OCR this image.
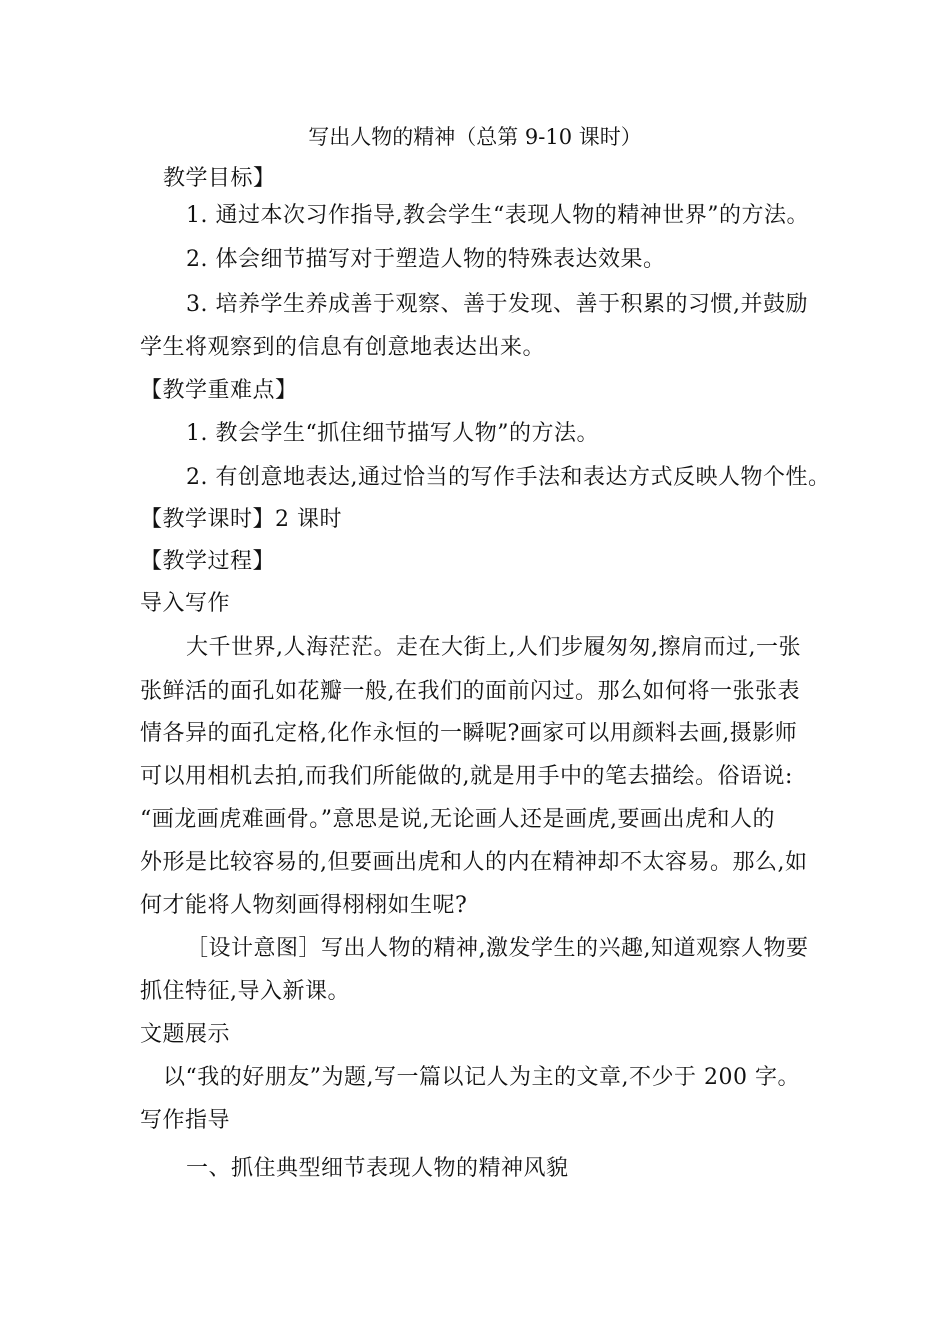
写出人物的精神（总第 9-10 课时）
教学目标】
1. 通过本次习作指导,教会学生“表现人物的精神世界”的方法。
2. 体会细节描写对于塑造人物的特殊表达效果。
3. 培养学生养成善于观察、善于发现、善于积累的习惯,并鼓励
学生将观察到的信息有创意地表达出来。
【教学重难点】
1. 教会学生“抓住细节描写人物”的方法。
2. 有创意地表达,通过恰当的写作手法和表达方式反映人物个性。
【教学课时】2 课时
【教学过程】
导入写作
大千世界,人海茫茫。走在大街上,人们步履匆匆,擦肩而过,一张
张鲜活的面孔如花瓣一般,在我们的面前闪过。那么如何将一张张表
情各异的面孔定格,化作永恒的一瞬呢?画家可以用颜料去画,摄影师
可以用相机去拍,而我们所能做的,就是用手中的笔去描绘。俗语说:
“画龙画虎难画骨。”意思是说,无论画人还是画虎,要画出虎和人的
外形是比较容易的,但要画出虎和人的内在精神却不太容易。那么,如
何才能将人物刻画得栩栩如生呢?
［设计意图］写出人物的精神,激发学生的兴趣,知道观察人物要
抓住特征,导入新课。
文题展示
以“我的好朋友”为题,写一篇以记人为主的文章,不少于 200 字。
写作指导
一、抓住典型细节表现人物的精神风貌
